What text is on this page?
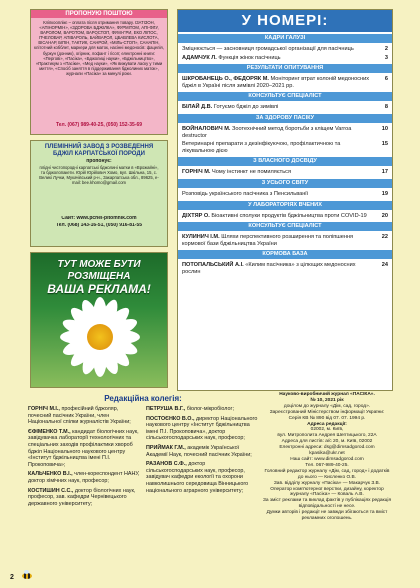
ПРОПОНУЮ ПОШТОЮ
Кліпкооплікє – оплата після отримання товару. ІЗАТІЗОН, «АПІНОРМІН», «ЗДОРОВА БДЖІЛКА», ФУРМІТОМ, АПІ-ФЛУ, ВАРОЛОМ, ВАРОТОМ, ВАРОСТОП, ФУМІ-ГРИ, ЕКО ЛІПОС, ПЧЕЛОВАР, АПІВАРОЛЬ, БАЙВАРОЛ, ЦБАВЛЕВА КИСЛОТА, ВІСАНАР, БІПІН, ТАКТИК, САНРОЙ, «МІЛЬ-СТОП», САНАПІН, клітотний кобблет, маркери для маток, насінні медоносів: фацелія, буркун (донник), огірник, лофант і гісоп; електронні книги: «Пергові», «Пасіка», «Бджолиці науки», «Бджільництво», «Практикум з «Пасіки», «Мед науки», «Як вижувати ласку у тими миття», «Спосіб заняття в піддерживання бджолиних маток», журнали «Пасіка» за минулі роки.
Тел. (067) 989-40-25, (050) 152-35-69
ПЛЕМІННИЙ ЗАВОД З РОЗВЕДЕННЯ БДЖІЛ КАРПАТСЬКОЇ ПОРОДИ
пропонує:
плідні чистопородні карпатські бджолині матки в «Врожайні», та бджолопакети. Юрій Юрійович Хомо, вул. Шкільна, 15, с. Великі Лучки, Мукачівський р-н., Закарпатська обл., 89625, e-mail: bee.khomo@gmail.com
Сайт: www.pchel-pitomnik.com
Тел. (068) 143-16-51, (050) 916-81-55
ТУТ МОЖЕ БУТИ РОЗМІЩЕНА
ВАША РЕКЛАМА!
У НОМЕРІ:
КАДРИ ГАЛУЗІ
Зміцнюється — засновниця громадської організації для пасічниць	2
АДАМЧУК Л. Функція жінок пасічниць	3
РЕЗУЛЬТАТИ ОПИТУВАННЯ
ШКРОБАНЕЦЬ О., ФЕДОРЯК М. Моніторинг втрат колоній медоносних бджіл в Україні після зимівлі 2020–2021 рр.
6
КОНСУЛЬТУЄ СПЕЦІАЛІСТ
БІЛАЙ Д.В. Готуємо бджіл до зимівлі	8
ЗА ЗДОРОВУ ПАСІКУ
ВОЙНАЛОВИЧ М. Зоотехнічний метод боротьби з кліщем Varroa destructor
10
Ветеринарні препарати з дезінфікуючою, профілактичною та лікувальною дією
15
З ВЛАСНОГО ДОСВІДУ
ГОРНІЧ М. Чому інстинкт не помиляється	17
З УСЬОГО СВІТУ
Розповідь українського пасічника з Пенсильванії	19
У ЛАБОРАТОРІЯХ ВЧЕНИХ
ДІХТЯР О. Біоактивні сполуки продуктів бджільництва проти COVID-19	20
КОНСУЛЬТУЄ СПЕЦІАЛІСТ
КУЛИНИЧ І.М. Шляхи перспективного розширення та поліпшення кормової бази бджільництва України
22
КОРМОВА БАЗА
ПОТОПАЛЬСЬКИЙ А.І. «Килим пасічника» з цілющих медоносних рослин
24
Редакційна колегія:
ГОРНІЧ М.І., професійний бджоляр, почесний пасічник України, член Національної спілки журналістів України;
ЄФІМЕНКО Т.М., кандидат біологічних наук, завідувачка лабораторії технологічних та спеціальних заходів профілактики хвороб бджіл Національного наукового центру «Інститут бджільництва імені П.І. Прокоповича»;
КАЛЬЧЕНКО В.І., член-кореспондент НАНУ, доктор хімічних наук, професор;
КОСТИШИН С.С., доктор біологічних наук, професор, зав. кафедри Чернівецького державного університету;
ПЕТРУША В.Г., біолог-мікробіолог;
ПОСТОЄНКО В.О., директор Національного наукового центру «Інститут бджільництва імені П.І. Прокоповича», доктор сільськогосподарських наук, професор;
ПРИЙМАК Г.М., академік Української Академії Наук, почесний пасічник України;
РАЗАНОВ С.Ф., доктор сільськогосподарських наук, професор, завідувач кафедри екології та охорони навколишнього середовища Вінницького національного аграрного університету;
Науково-виробничий журнал «ПАСІКА».
№ 10, 2021 рік
доцілом до журналу «Дім, сад, город».
Зареєстрований Міністерством інформації України:
Серія КВ № 890 від 07. 07. 1994 р.
Адреса редакції:
02002, м. Київ,
вул. Митрополита Андрея Шептицького, 22А
Адреса для листів: а/с 20, м. Київ, 02002
Електронні адреси: dsg@dimsadgorod.com
kpasika@ukr.net
Наш сайт: www.dimsadgorod.com
Тел. 067-989-40-25.
Головний редактор журналу «Дім, сад, город» і додатків до нього — Кисленко О.В.
Зав. відділу журналу «Пасіка» — Макарчук З.В.
Оператор комп'ютерної верстки, дизайну, коректор журналу «Пасіка» — Коваль А.В.
За зміст реклами та виклад фактів у публікаціях редакція відповідальності не несе.
Думки авторів і редакції не завжди збігаються та вміст рекламних оголошень.
2
